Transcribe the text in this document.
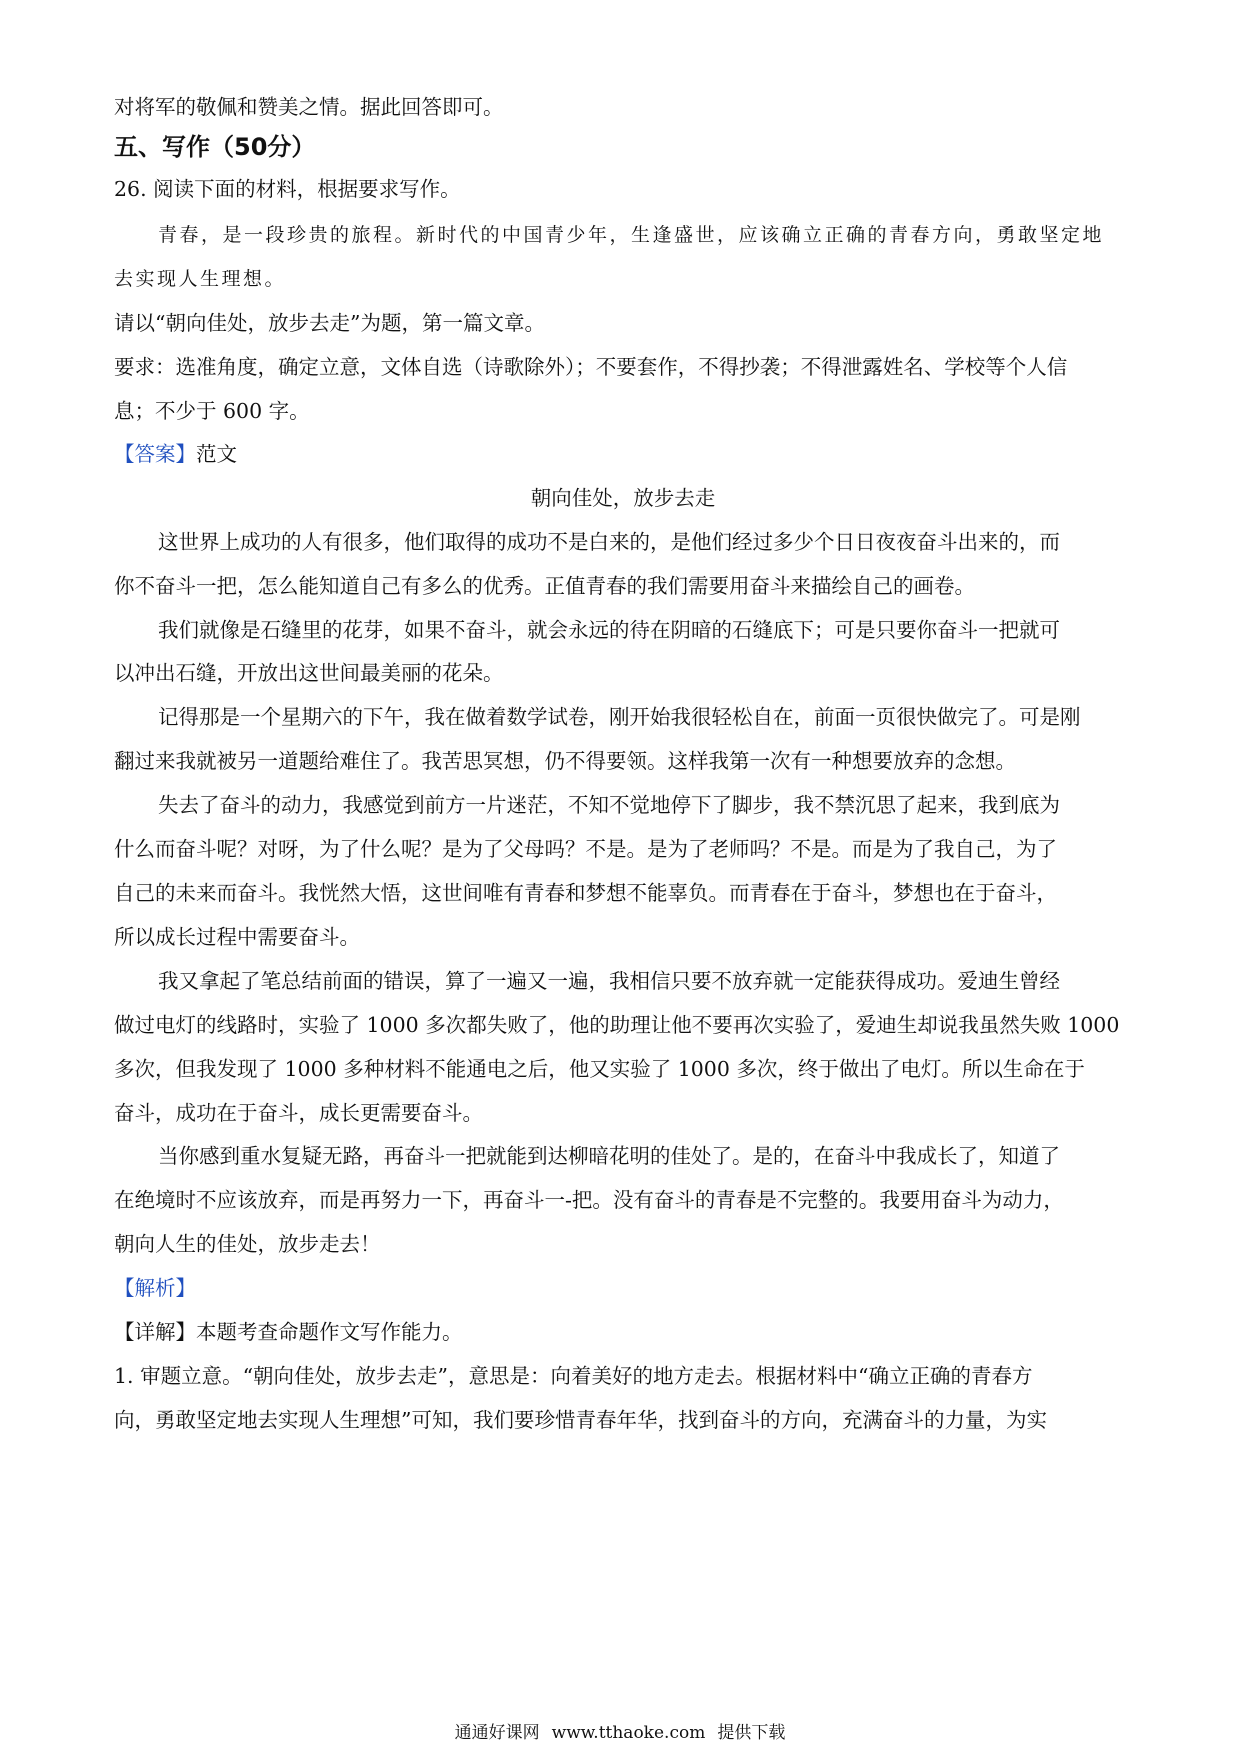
对将军的敬佩和赞美之情。据此回答即可。
五、写作（50分）
26. 阅读下面的材料，根据要求写作。
青春，是一段珍贵的旅程。新时代的中国青少年，生逢盛世，应该确立正确的青春方向，勇敢坚定地
去实现人生理想。
请以“朝向佳处，放步去走”为题，第一篇文章。
要求：选准角度，确定立意，文体自选（诗歌除外）；不要套作，不得抄袭；不得泄露姓名、学校等个人信
息；不少于 600 字。
【答案】范文
朝向佳处，放步去走
这世界上成功的人有很多，他们取得的成功不是白来的，是他们经过多少个日日夜夜奋斗出来的，而
你不奋斗一把，怎么能知道自己有多么的优秀。正值青春的我们需要用奋斗来描绘自己的画卷。
我们就像是石缝里的花芽，如果不奋斗，就会永远的待在阴暗的石缝底下；可是只要你奋斗一把就可
以冲出石缝，开放出这世间最美丽的花朵。
记得那是一个星期六的下午，我在做着数学试卷，刚开始我很轻松自在，前面一页很快做完了。可是刚
翻过来我就被另一道题给难住了。我苦思冥想，仍不得要领。这样我第一次有一种想要放弃的念想。
失去了奋斗的动力，我感觉到前方一片迷茫，不知不觉地停下了脚步，我不禁沉思了起来，我到底为
什么而奋斗呢？对呀，为了什么呢？是为了父母吗？不是。是为了老师吗？不是。而是为了我自己，为了
自己的未来而奋斗。我恍然大悟，这世间唯有青春和梦想不能辜负。而青春在于奋斗，梦想也在于奋斗，
所以成长过程中需要奋斗。
我又拿起了笔总结前面的错误，算了一遍又一遍，我相信只要不放弃就一定能获得成功。爱迪生曾经
做过电灯的线路时，实验了 1000 多次都失败了，他的助理让他不要再次实验了，爱迪生却说我虽然失败 1000
多次，但我发现了 1000 多种材料不能通电之后，他又实验了 1000 多次，终于做出了电灯。所以生命在于
奋斗，成功在于奋斗，成长更需要奋斗。
当你感到重水复疑无路，再奋斗一把就能到达柳暗花明的佳处了。是的，在奋斗中我成长了，知道了
在绝境时不应该放弃，而是再努力一下，再奋斗一-把。没有奋斗的青春是不完整的。我要用奋斗为动力，
朝向人生的佳处，放步走去！
【解析】
【详解】本题考查命题作文写作能力。
1. 审题立意。“朝向佳处，放步去走”，意思是：向着美好的地方走去。根据材料中“确立正确的青春方
向，勇敢坚定地去实现人生理想”可知，我们要珍惜青春年华，找到奋斗的方向，充满奋斗的力量，为实
通通好课网 www.tthaoke.com 提供下载
